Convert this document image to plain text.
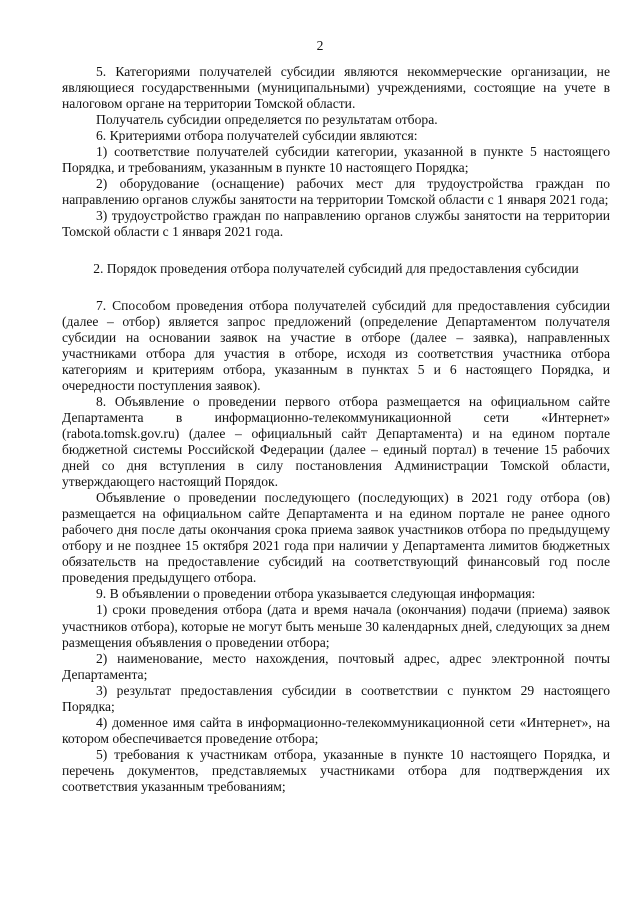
2

5. Категориями получателей субсидии являются некоммерческие организации, не являющиеся государственными (муниципальными) учреждениями, состоящие на учете в налоговом органе на территории Томской области.

Получатель субсидии определяется по результатам отбора.

6. Критериями отбора получателей субсидии являются:

1) соответствие получателей субсидии категории, указанной в пункте 5 настоящего Порядка, и требованиям, указанным в пункте 10 настоящего Порядка;

2) оборудование (оснащение) рабочих мест для трудоустройства граждан по направлению органов службы занятости на территории Томской области с 1 января 2021 года;

3) трудоустройство граждан по направлению органов службы занятости на территории Томской области с 1 января 2021 года.

2. Порядок проведения отбора получателей субсидий для предоставления субсидии

7. Способом проведения отбора получателей субсидий для предоставления субсидии (далее – отбор) является запрос предложений (определение Департаментом получателя субсидии на основании заявок на участие в отборе (далее – заявка), направленных участниками отбора для участия в отборе, исходя из соответствия участника отбора категориям и критериям отбора, указанным в пунктах 5 и 6 настоящего Порядка, и очередности поступления заявок).

8. Объявление о проведении первого отбора размещается на официальном сайте Департамента в информационно-телекоммуникационной сети «Интернет» (rabota.tomsk.gov.ru) (далее – официальный сайт Департамента) и на едином портале бюджетной системы Российской Федерации (далее – единый портал) в течение 15 рабочих дней со дня вступления в силу постановления Администрации Томской области, утверждающего настоящий Порядок.

Объявление о проведении последующего (последующих) в 2021 году отбора (ов) размещается на официальном сайте Департамента и на едином портале не ранее одного рабочего дня после даты окончания срока приема заявок участников отбора по предыдущему отбору и не позднее 15 октября 2021 года при наличии у Департамента лимитов бюджетных обязательств на предоставление субсидий на соответствующий финансовый год после проведения предыдущего отбора.

9. В объявлении о проведении отбора указывается следующая информация:

1) сроки проведения отбора (дата и время начала (окончания) подачи (приема) заявок участников отбора), которые не могут быть меньше 30 календарных дней, следующих за днем размещения объявления о проведении отбора;

2) наименование, место нахождения, почтовый адрес, адрес электронной почты Департамента;

3) результат предоставления субсидии в соответствии с пунктом 29 настоящего Порядка;

4) доменное имя сайта в информационно-телекоммуникационной сети «Интернет», на котором обеспечивается проведение отбора;

5) требования к участникам отбора, указанные в пункте 10 настоящего Порядка, и перечень документов, представляемых участниками отбора для подтверждения их соответствия указанным требованиям;
